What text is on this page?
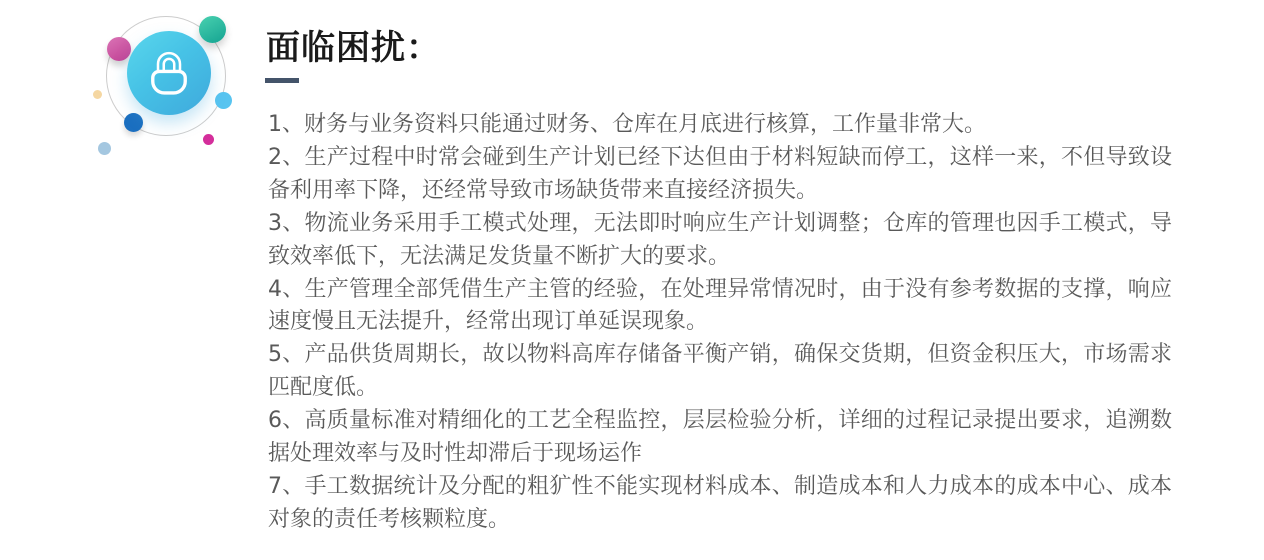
面临困扰：

1、财务与业务资料只能通过财务、仓库在月底进行核算，工作量非常大。

2、生产过程中时常会碰到生产计划已经下达但由于材料短缺而停工，这样一来，不但导致设备利用率下降，还经常导致市场缺货带来直接经济损失。

3、物流业务采用手工模式处理，无法即时响应生产计划调整；仓库的管理也因手工模式，导致效率低下，无法满足发货量不断扩大的要求。

4、生产管理全部凭借生产主管的经验，在处理异常情况时，由于没有参考数据的支撑，响应速度慢且无法提升，经常出现订单延误现象。

5、产品供货周期长，故以物料高库存储备平衡产销，确保交货期，但资金积压大，市场需求匹配度低。

6、高质量标准对精细化的工艺全程监控，层层检验分析，详细的过程记录提出要求，追溯数据处理效率与及时性却滞后于现场运作

7、手工数据统计及分配的粗犷性不能实现材料成本、制造成本和人力成本的成本中心、成本对象的责任考核颗粒度。
